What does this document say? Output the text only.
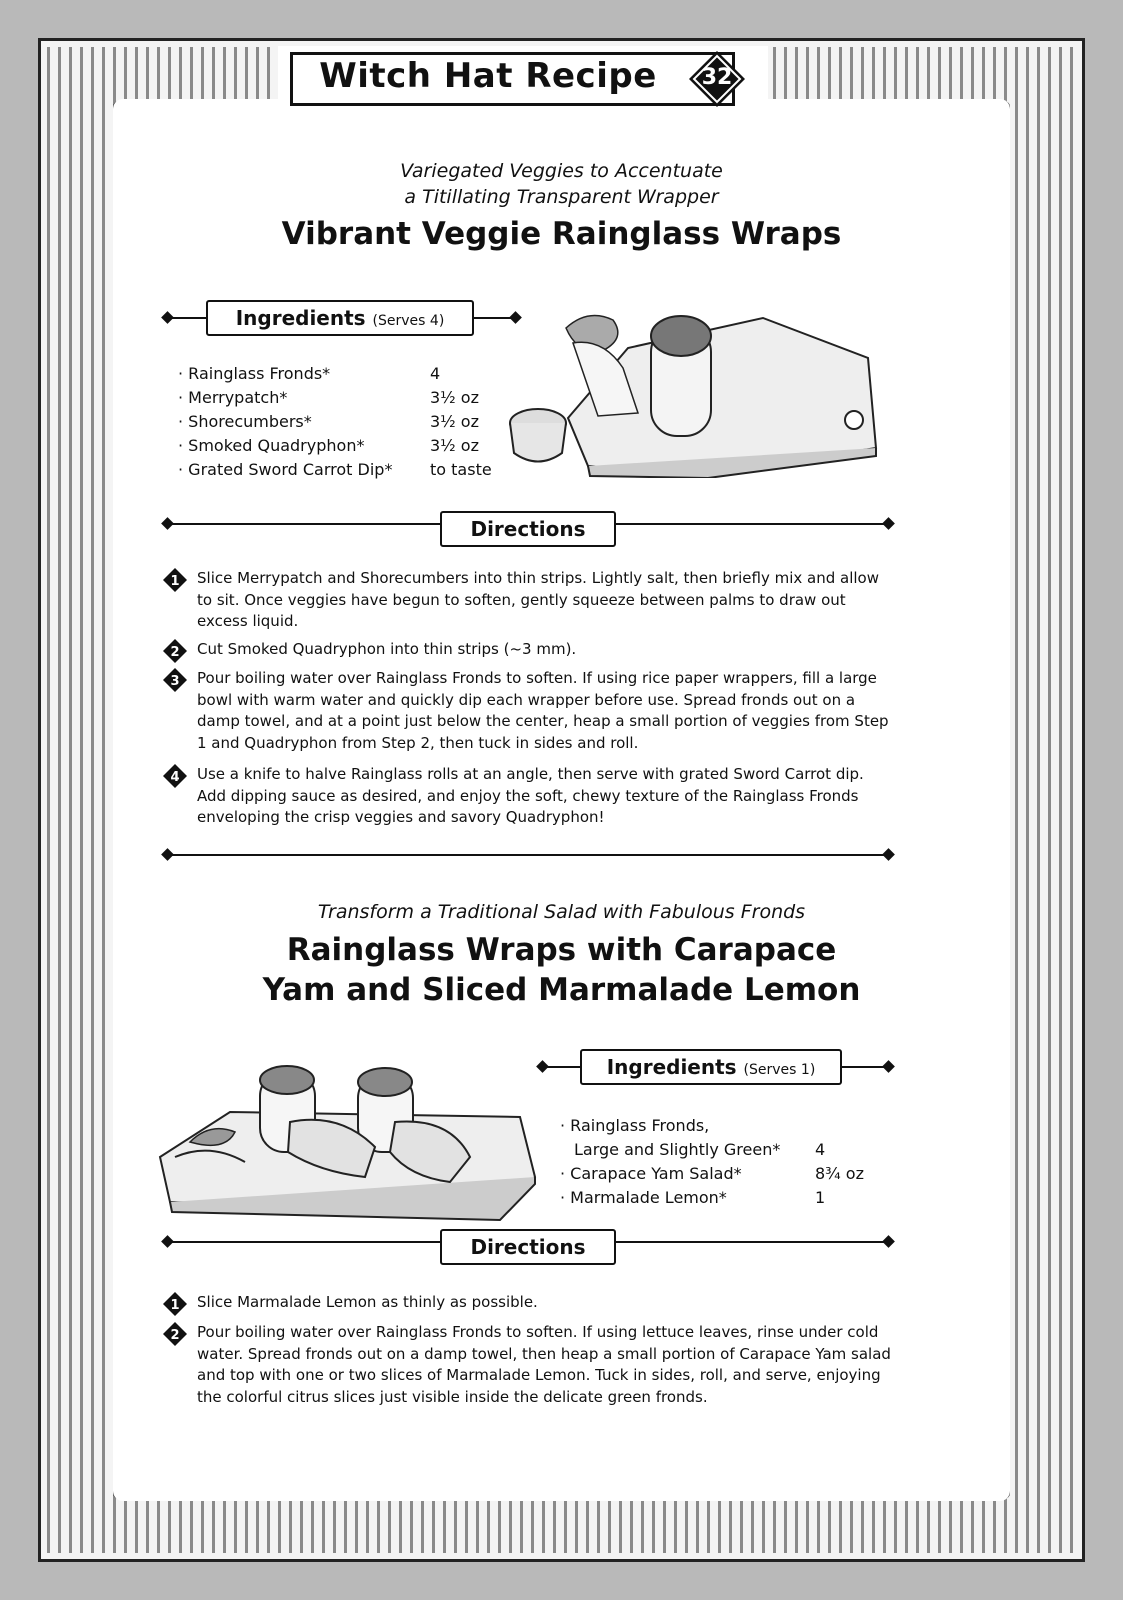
Witch Hat Recipe	32
Variegated Veggies to Accentuate
a Titillating Transparent Wrapper
Vibrant Veggie Rainglass Wraps
Ingredients (Serves 4)
· Rainglass Fronds*	4
· Merrypatch*	3½ oz
· Shorecumbers*	3½ oz
· Smoked Quadryphon*	3½ oz
· Grated Sword Carrot Dip* to taste
Directions
1	Slice Merrypatch and Shorecumbers into thin strips. Lightly salt, then briefly mix and allow to sit. Once veggies have begun to soften, gently squeeze between palms to draw out excess liquid.
2	Cut Smoked Quadryphon into thin strips (~3 mm).
3	Pour boiling water over Rainglass Fronds to soften. If using rice paper wrappers, fill a large bowl with warm water and quickly dip each wrapper before use. Spread fronds out on a damp towel, and at a point just below the center, heap a small portion of veggies from Step 1 and Quadryphon from Step 2, then tuck in sides and roll.
4	Use a knife to halve Rainglass rolls at an angle, then serve with grated Sword Carrot dip. Add dipping sauce as desired, and enjoy the soft, chewy texture of the Rainglass Fronds enveloping the crisp veggies and savory Quadryphon!
Transform a Traditional Salad with Fabulous Fronds
Rainglass Wraps with Carapace
Yam and Sliced Marmalade Lemon
Ingredients (Serves 1)
· Rainglass Fronds,
Large and Slightly Green* 4
· Carapace Yam Salad*	8¾ oz
· Marmalade Lemon*	1
Directions
1	Slice Marmalade Lemon as thinly as possible.
2	Pour boiling water over Rainglass Fronds to soften. If using lettuce leaves, rinse under cold water. Spread fronds out on a damp towel, then heap a small portion of Carapace Yam salad and top with one or two slices of Marmalade Lemon. Tuck in sides, roll, and serve, enjoying the colorful citrus slices just visible inside the delicate green fronds.
